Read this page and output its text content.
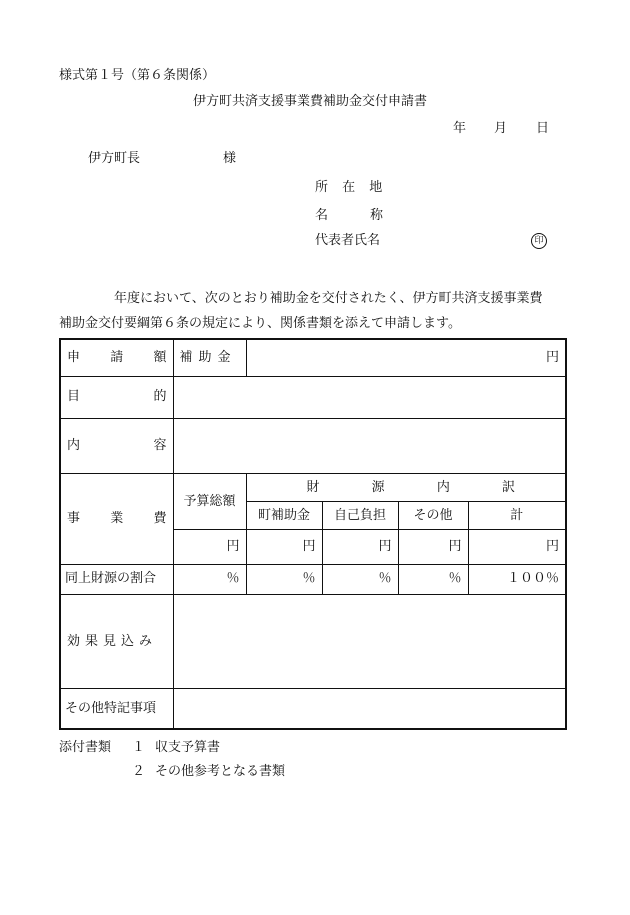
様式第１号（第６条関係）
伊方町共済支援事業費補助金交付申請書
年 月 日
伊方町長	様
所 在 地
名	称
代表者氏名	印
年度において、次のとおり補助金を交付されたく、伊方町共済支援事業費
補助金交付要綱第６条の規定により、関係書類を添えて申請します。
申 請 額	補助金	円			

目 的					

内 容					

事 業 費	予算総額	財 源 内 訳			

		町補助金	自己負担	その他	計
	円	円	円	円	円
同上財源の割合	％	％	％	％	１００％
効果見込み					
その他特記事項					
添付書類 １ 収支予算書
２ その他参考となる書類
